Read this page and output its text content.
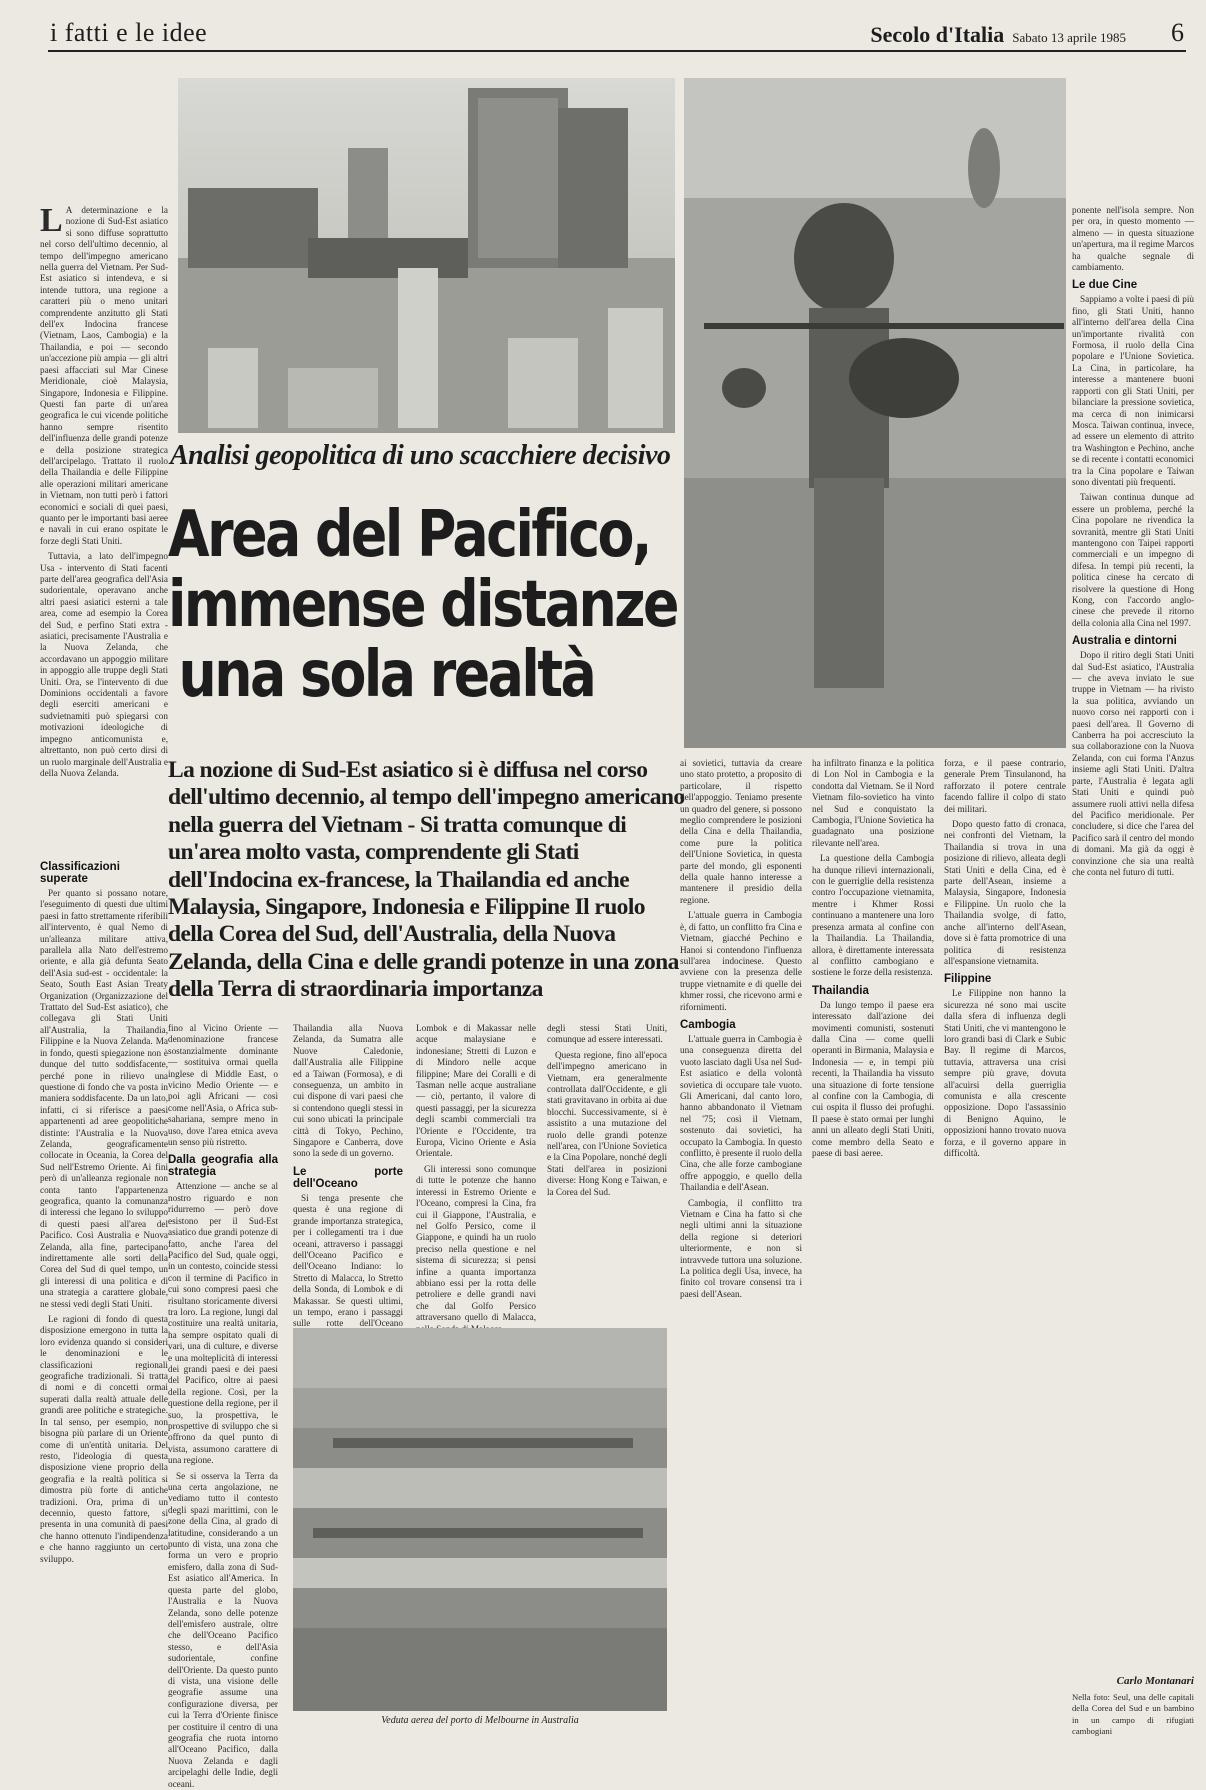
i fatti e le idee	Secolo d'Italia Sabato 13 aprile 1985 6
L A determinazione e la nozione di Sud-Est asiatico si sono diffuse soprattutto nel corso dell'ultimo decennio, al tempo dell'impegno americano nella guerra del Vietnam. Per Sud-Est asiatico si intendeva, e si intende tuttora, una regione a caratteri più o meno unitari comprendente anzitutto gli Stati dell'ex Indocina francese (Vietnam, Laos, Cambogia) e la Thailandia, e poi — secondo un'accezione più ampia — gli altri paesi affacciati sul Mar Cinese Meridionale, cioè Malaysia, Singapore, Indonesia e Filippine. Questi fan parte di un'area geografica le cui vicende politiche hanno sempre risentito dell'influenza delle grandi potenze e della posizione strategica dell'arcipelago. Trattato il ruolo della Thailandia e delle Filippine alle operazioni militari americane in Vietnam, non tutti però i fattori economici e sociali di quei paesi, quanto per le importanti basi aeree e navali in cui erano ospitate le forze degli Stati Uniti.

Tuttavia, a lato dell'impegno Usa - intervento di Stati facenti parte dell'area geografica dell'Asia sudorientale, operavano anche altri paesi asiatici esterni a tale area, come ad esempio la Corea del Sud, e perfino Stati extra - asiatici, precisamente l'Australia e la Nuova Zelanda, che accordavano un appoggio militare in appoggio alle truppe degli Stati Uniti. Ora, se l'intervento di due Dominions occidentali a favore degli eserciti americani e sudvietnamiti può spiegarsi con motivazioni ideologiche di impegno anticomunista e, altrettanto, non può certo dirsi di un ruolo marginale dell'Australia e della Nuova Zelanda.

Classificazioni superate

Per quanto si possano notare, l'eseguimento di questi due ultimi paesi in fatto strettamente riferibili all'intervento, è qual Nemo di un'alleanza militare attiva, parallela alla Nato dell'estremo oriente, e alla già defunta Seato dell'Asia sud-est - occidentale: la Seato, South East Asian Treaty Organization (Organizzazione del Trattato del Sud-Est asiatico), che collegava gli Stati Uniti all'Australia, la Thailandia, Filippine e la Nuova Zelanda. Ma in fondo, questi spiegazione non è dunque del tutto soddisfacente, perché pone in rilievo una questione di fondo che va posta in maniera soddisfacente. Da un lato, infatti, ci si riferisce a paesi appartenenti ad aree geopolitiche distinte: l'Australia e la Nuova Zelanda, geograficamente collocate in Oceania, la Corea del Sud nell'Estremo Oriente. Ai fini però di un'alleanza regionale non conta tanto l'appartenenza geografica, quanto la comunanza di interessi che legano lo sviluppo di questi paesi all'area del Pacifico. Così Australia e Nuova Zelanda, alla fine, partecipano indirettamente alle sorti della Corea del Sud di quel tempo, un gli interessi di una politica e di una strategia a carattere globale, ne stessi vedi degli Stati Uniti.

Le ragioni di fondo di questa disposizione emergono in tutta la loro evidenza quando si consideri le denominazioni e le classificazioni regionali geografiche tradizionali. Si tratta di nomi e di concetti ormai superati dalla realtà attuale delle grandi aree politiche e strategiche. In tal senso, per esempio, non bisogna più parlare di un Oriente come di un'entità unitaria. Del resto, l'ideologia di questa disposizione viene proprio della geografia e la realtà politica si dimostra più forte di antiche tradizioni. Ora, prima di un decennio, questo fattore, si presenta in una comunità di paesi che hanno ottenuto l'indipendenza e che hanno raggiunto un certo sviluppo.

Analisi geopolitica di uno scacchiere decisivo
Area del Pacifico,
immense distanze
una sola realtà
La nozione di Sud-Est asiatico si è diffusa nel corso dell'ultimo decennio, al tempo dell'impegno americano nella guerra del Vietnam - Si tratta comunque di un'area molto vasta, comprendente gli Stati dell'Indocina ex-francese, la Thailandia ed anche Malaysia, Singapore, Indonesia e Filippine Il ruolo della Corea del Sud, dell'Australia, della Nuova Zelanda, della Cina e delle grandi potenze in una zona della Terra di straordinaria importanza

fino al Vicino Oriente — denominazione francese sostanzialmente dominante — sostituiva ormai quella inglese di Middle East, o vicino Medio Oriente — e poi agli Africani — così come nell'Asia, o Africa sub-sahariana, sempre meno in uso, dove l'area etnica aveva un senso più ristretto.

Dalla geografia alla strategia

Attenzione — anche se al nostro riguardo e non ridurremo — però dove esistono per il Sud-Est asiatico due grandi potenze di fatto, anche l'area del Pacifico del Sud, quale oggi, in un contesto, coincide stessi con il termine di Pacifico in cui sono compresi paesi che risultano storicamente diversi tra loro. La regione, lungi dal costituire una realtà unitaria, ha sempre ospitato quali di vari, una di culture, e diverse e una molteplicità di interessi dei grandi paesi e dei paesi del Pacifico, oltre ai paesi della regione. Così, per la questione della regione, per il suo, la prospettiva, le prospettive di sviluppo che si offrono da quel punto di vista, assumono carattere di una regione.

Se si osserva la Terra da una certa angolazione, ne vediamo tutto il contesto degli spazi marittimi, con le zone della Cina, al grado di latitudine, considerando a un punto di vista, una zona che forma un vero e proprio emisfero, dalla zona di Sud-Est asiatico all'America. In questa parte del globo, l'Australia e la Nuova Zelanda, sono delle potenze dell'emisfero australe, oltre che dell'Oceano Pacifico stesso, e dell'Asia sudorientale, confine dell'Oriente. Da questo punto di vista, una visione delle geografie assume una configurazione diversa, per cui la Terra d'Oriente finisce per costituire il centro di una geografia che ruota intorno all'Oceano Pacifico, dalla Nuova Zelanda e dagli arcipelaghi delle Indie, degli oceani.

Thailandia alla Nuova Zelanda, da Sumatra alle Nuove Caledonie, dall'Australia alle Filippine ed a Taiwan (Formosa), e di conseguenza, un ambito in cui dispone di vari paesi che si contendono quegli stessi in cui sono ubicati la principale città di Tokyo, Pechino, Singapore e Canberra, dove sono la sede di un governo.

Le porte dell'Oceano

Si tenga presente che questa è una regione di grande importanza strategica, per i collegamenti tra i due oceani, attraverso i passaggi dell'Oceano Pacifico e dell'Oceano Indiano: lo Stretto di Malacca, lo Stretto della Sonda, di Lombok e di Makassar. Se questi ultimi, un tempo, erano i passaggi sulle rotte dell'Oceano

Lombok e di Makassar nelle acque malaysiane e indonesiane; Stretti di Luzon e di Mindoro nelle acque filippine; Mare dei Coralli e di Tasman nelle acque australiane — ciò, pertanto, il valore di questi passaggi, per la sicurezza degli scambi commerciali tra l'Oriente e l'Occidente, tra Europa, Vicino Oriente e Asia Orientale.

Gli interessi sono comunque di tutte le potenze che hanno interessi in Estremo Oriente e l'Oceano, compresi la Cina, fra cui il Giappone, l'Australia, e nel Golfo Persico, come il Giappone, e quindi ha un ruolo preciso nella questione e nel sistema di sicurezza; si pensi infine a quanta importanza abbiano essi per la rotta delle petroliere e delle grandi navi che dal Golfo Persico attraversano quello di Malacca,

degli stessi Stati Uniti, comunque ad essere interessati.

Questa regione, fino all'epoca dell'impegno americano in Vietnam, era generalmente controllata dall'Occidente, e gli stati gravitavano in orbita ai due blocchi. Successivamente, si è assistito a una mutazione del ruolo delle grandi potenze nell'area, con l'Unione Sovietica e la Cina Popolare, nonché degli Stati dell'area in posizioni diverse: Hong Kong e Taiwan, e la Corea del Sud.

Veduta aerea del porto di Melbourne in Australia

ai sovietici, tuttavia da creare uno stato protetto, a proposito di particolare, il rispetto dell'appoggio. Teniamo presente un quadro del genere, si possono meglio comprendere le posizioni della Cina e della Thailandia, come pure la politica dell'Unione Sovietica, in questa parte del mondo, gli esponenti della quale hanno interesse a mantenere il presidio della regione.

L'attuale guerra in Cambogia è, di fatto, un conflitto fra Cina e Vietnam, giacché Pechino e Hanoi si contendono l'influenza sull'area indocinese. Questo avviene con la presenza delle truppe vietnamite e di quelle dei khmer rossi, che ricevono armi e rifornimenti.

Cambogia

L'attuale guerra in Cambogia è una conseguenza diretta del vuoto lasciato dagli Usa nel Sud-Est asiatico e della volontà sovietica di occupare tale vuoto. Gli Americani, dal canto loro, hanno abbandonato il Vietnam nel '75; così il Vietnam, sostenuto dai sovietici, ha occupato la Cambogia. In questo conflitto, è presente il ruolo della Cina, che alle forze cambogiane offre appoggio, e quello della Thailandia e dell'Asean.

Cambogia, il conflitto tra Vietnam e Cina ha fatto sì che negli ultimi anni la situazione della regione si deteriori ulteriormente, e non si intravvede tuttora una soluzione. La politica degli Usa, invece, ha finito col trovare consensi tra i paesi dell'Asean.

ha infiltrato finanza e la politica di Lon Nol in Cambogia e la condotta dal Vietnam. Se il Nord Vietnam filo-sovietico ha vinto nel Sud e conquistato la Cambogia, l'Unione Sovietica ha guadagnato una posizione rilevante nell'area.

La questione della Cambogia ha dunque rilievi internazionali, con le guerriglie della resistenza contro l'occupazione vietnamita, mentre i Khmer Rossi continuano a mantenere una loro presenza armata al confine con la Thailandia. La Thailandia, allora, è direttamente interessata al conflitto cambogiano e sostiene le forze della resistenza.

Thailandia

Da lungo tempo il paese era interessato dall'azione dei movimenti comunisti, sostenuti dalla Cina — come quelli operanti in Birmania, Malaysia e Indonesia — e, in tempi più recenti, la Thailandia ha vissuto una situazione di forte tensione al confine con la Cambogia, di cui ospita il flusso dei profughi. Il paese è stato ormai per lunghi anni un alleato degli Stati Uniti, come membro della Seato e paese di basi aeree.

forza, e il paese contrario, generale Prem Tinsulanond, ha rafforzato il potere centrale facendo fallire il colpo di stato dei militari.

Dopo questo fatto di cronaca, nei confronti del Vietnam, la Thailandia si trova in una posizione di rilievo, alleata degli Stati Uniti e della Cina, ed è parte dell'Asean, insieme a Malaysia, Singapore, Indonesia e Filippine. Un ruolo che la Thailandia svolge, di fatto, anche all'interno dell'Asean, dove si è fatta promotrice di una politica di resistenza all'espansione vietnamita.

Filippine

Le Filippine non hanno la sicurezza né sono mai uscite dalla sfera di influenza degli Stati Uniti, che vi mantengono le loro grandi basi di Clark e Subic Bay. Il regime di Marcos, tuttavia, attraversa una crisi sempre più grave, dovuta all'acuirsi della guerriglia comunista e alla crescente opposizione. Dopo l'assassinio di Benigno Aquino, le opposizioni hanno trovato nuova forza, e il governo appare in difficoltà.

ponente nell'isola sempre. Non per ora, in questo momento — almeno — in questa situazione un'apertura, ma il regime Marcos ha qualche segnale di cambiamento.

Le due Cine

Sappiamo a volte i paesi di più fino, gli Stati Uniti, hanno all'interno dell'area della Cina un'importante rivalità con Formosa, il ruolo della Cina popolare e l'Unione Sovietica. La Cina, in particolare, ha interesse a mantenere buoni rapporti con gli Stati Uniti, per bilanciare la pressione sovietica, ma cerca di non inimicarsi Mosca. Taiwan continua, invece, ad essere un elemento di attrito tra Washington e Pechino, anche se di recente i contatti economici tra la Cina popolare e Taiwan sono diventati più frequenti.

Taiwan continua dunque ad essere un problema, perché la Cina popolare ne rivendica la sovranità, mentre gli Stati Uniti mantengono con Taipei rapporti commerciali e un impegno di difesa. In tempi più recenti, la politica cinese ha cercato di risolvere la questione di Hong Kong, con l'accordo anglo-cinese che prevede il ritorno della colonia alla Cina nel 1997.

Australia e dintorni

Dopo il ritiro degli Stati Uniti dal Sud-Est asiatico, l'Australia — che aveva inviato le sue truppe in Vietnam — ha rivisto la sua politica, avviando un nuovo corso nei rapporti con i paesi dell'area. Il Governo di Canberra ha poi accresciuto la sua collaborazione con la Nuova Zelanda, con cui forma l'Anzus insieme agli Stati Uniti. D'altra parte, l'Australia è legata agli Stati Uniti e quindi può assumere ruoli attivi nella difesa del Pacifico meridionale. Per concludere, si dice che l'area del Pacifico sarà il centro del mondo di domani. Ma già da oggi è convinzione che sia una realtà che conta nel futuro di tutti.

Carlo Montanari
Nella foto: Seul, una delle capitali della Corea del Sud e un bambino in un campo di rifugiati cambogiani
